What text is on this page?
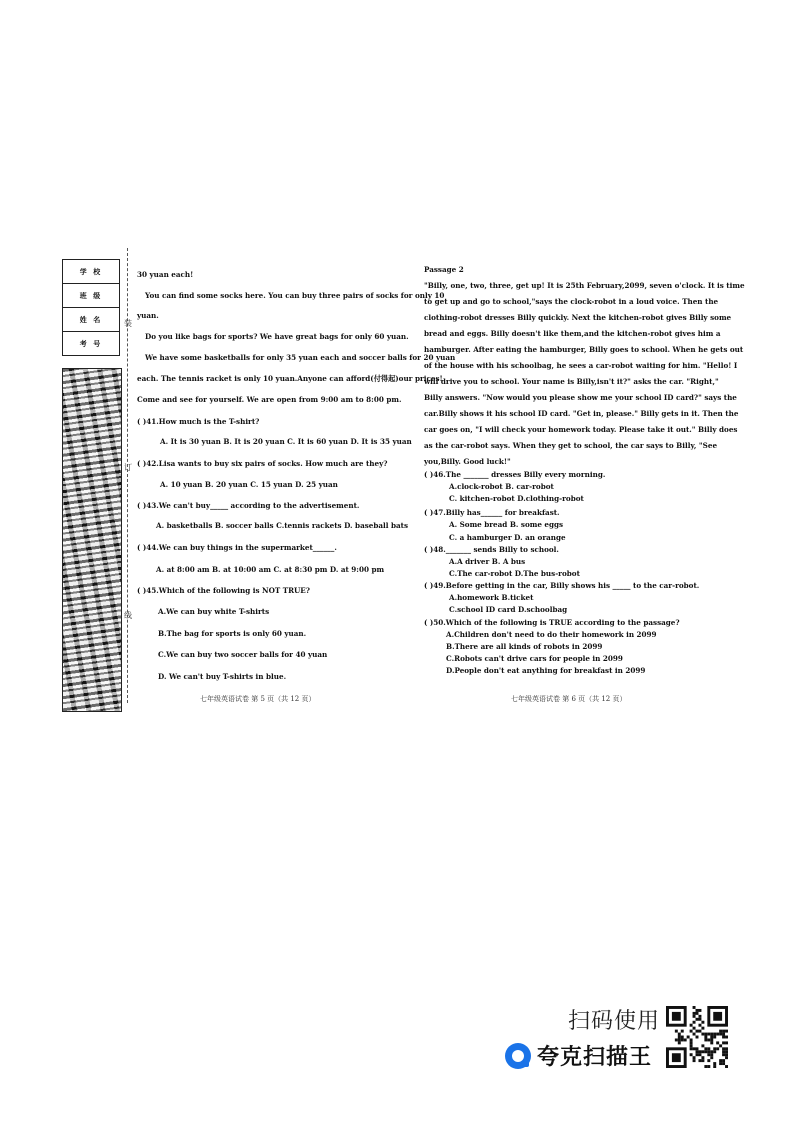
学 校
班 级
姓 名
考 号
装
订
线
30 yuan each!
You can find some socks here. You can buy three pairs of socks for only 10
yuan.
Do you like bags for sports? We have great bags for only 60 yuan.
We have some basketballs for only 35 yuan each and soccer balls for 20 yuan
each. The tennis racket is only 10 yuan.Anyone can afford(付得起)our prices!
Come and see for yourself. We are open from 9:00 am to 8:00 pm.
( )41.How much is the T-shirt?
A. It is 30 yuan B. It is 20 yuan C. It is 60 yuan D. It is 35 yuan
( )42.Lisa wants to buy six pairs of socks. How much are they?
A. 10 yuan B. 20 yuan C. 15 yuan D. 25 yuan
( )43.We can't buy_____ according to the advertisement.
A. basketballs B. soccer balls C.tennis rackets D. baseball bats
( )44.We can buy things in the supermarket______.
A. at 8:00 am B. at 10:00 am C. at 8:30 pm D. at 9:00 pm
( )45.Which of the following is NOT TRUE?
A.We can buy white T-shirts
B.The bag for sports is only 60 yuan.
C.We can buy two soccer balls for 40 yuan
D. We can't buy T-shirts in blue.
七年级英语试卷 第 5 页（共 12 页）
Passage 2
"Billy, one, two, three, get up! It is 25th February,2099, seven o'clock. It is time
to get up and go to school,"says the clock-robot in a loud voice. Then the
clothing-robot dresses Billy quickly. Next the kitchen-robot gives Billy some
bread and eggs. Billy doesn't like them,and the kitchen-robot gives him a
hamburger. After eating the hamburger, Billy goes to school. When he gets out
of the house with his schoolbag, he sees a car-robot waiting for him. "Hello! I
will drive you to school. Your name is Billy,isn't it?" asks the car. "Right,"
Billy answers. "Now would you please show me your school ID card?" says the
car.Billy shows it his school ID card. "Get in, please." Billy gets in it. Then the
car goes on, "I will check your homework today. Please take it out." Billy does
as the car-robot says. When they get to school, the car says to Billy, "See
you,Billy. Good luck!"
( )46.The _______ dresses Billy every morning.
A.clock-robot B. car-robot
C. kitchen-robot D.clothing-robot
( )47.Billy has______ for breakfast.
A. Some bread B. some eggs
C. a hamburger D. an orange
( )48._______ sends Billy to school.
A.A driver B. A bus
C.The car-robot D.The bus-robot
( )49.Before getting in the car, Billy shows his _____ to the car-robot.
A.homework B.ticket
C.school ID card D.schoolbag
( )50.Which of the following is TRUE according to the passage?
A.Children don't need to do their homework in 2099
B.There are all kinds of robots in 2099
C.Robots can't drive cars for people in 2099
D.People don't eat anything for breakfast in 2099
七年级英语试卷 第 6 页（共 12 页）
扫码使用
夸克扫描王
